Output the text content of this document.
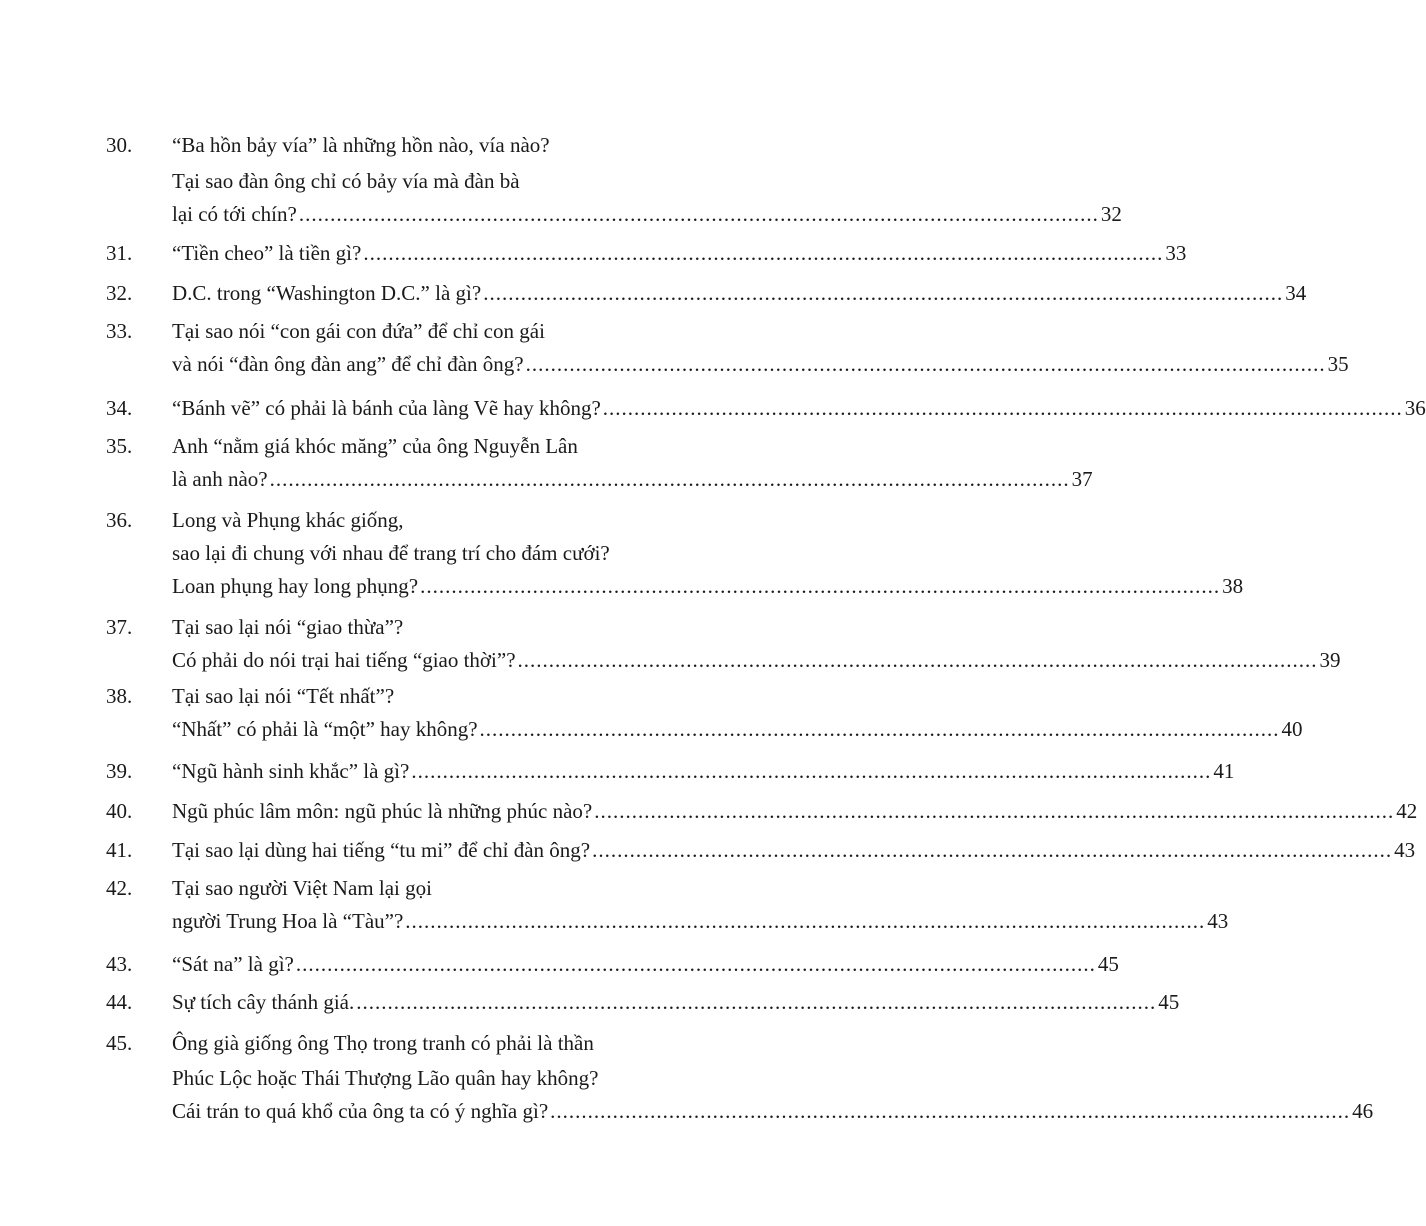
30. “Ba hồn bảy vía” là những hồn nào, vía nào?
Tại sao đàn ông chỉ có bảy vía mà đàn bà
lại có tới chín? ................................................................................................................................ 32
31. “Tiền cheo” là tiền gì? ................................................................................................................................ 33
32. D.C. trong “Washington D.C.” là gì? ................................................................................................................................ 34
33. Tại sao nói “con gái con đứa” để chỉ con gái
và nói “đàn ông đàn ang” để chỉ đàn ông? ................................................................................................................................ 35
34. “Bánh vẽ” có phải là bánh của làng Vẽ hay không? ................................................................................................................................ 36
35. Anh “nằm giá khóc măng” của ông Nguyễn Lân
là anh nào? ................................................................................................................................ 37
36. Long và Phụng khác giống,
sao lại đi chung với nhau để trang trí cho đám cưới?
Loan phụng hay long phụng? ................................................................................................................................ 38
37. Tại sao lại nói “giao thừa”?
Có phải do nói trại hai tiếng “giao thời”? ................................................................................................................................ 39
38. Tại sao lại nói “Tết nhất”?
“Nhất” có phải là “một” hay không? ................................................................................................................................ 40
39. “Ngũ hành sinh khắc” là gì? ................................................................................................................................ 41
40. Ngũ phúc lâm môn: ngũ phúc là những phúc nào? ................................................................................................................................ 42
41. Tại sao lại dùng hai tiếng “tu mi” để chỉ đàn ông? ................................................................................................................................ 43
42. Tại sao người Việt Nam lại gọi
người Trung Hoa là “Tàu”? ................................................................................................................................ 43
43. “Sát na” là gì? ................................................................................................................................ 45
44. Sự tích cây thánh giá. ................................................................................................................................ 45
45. Ông già giống ông Thọ trong tranh có phải là thần
Phúc Lộc hoặc Thái Thượng Lão quân hay không?
Cái trán to quá khổ của ông ta có ý nghĩa gì? ................................................................................................................................ 46
